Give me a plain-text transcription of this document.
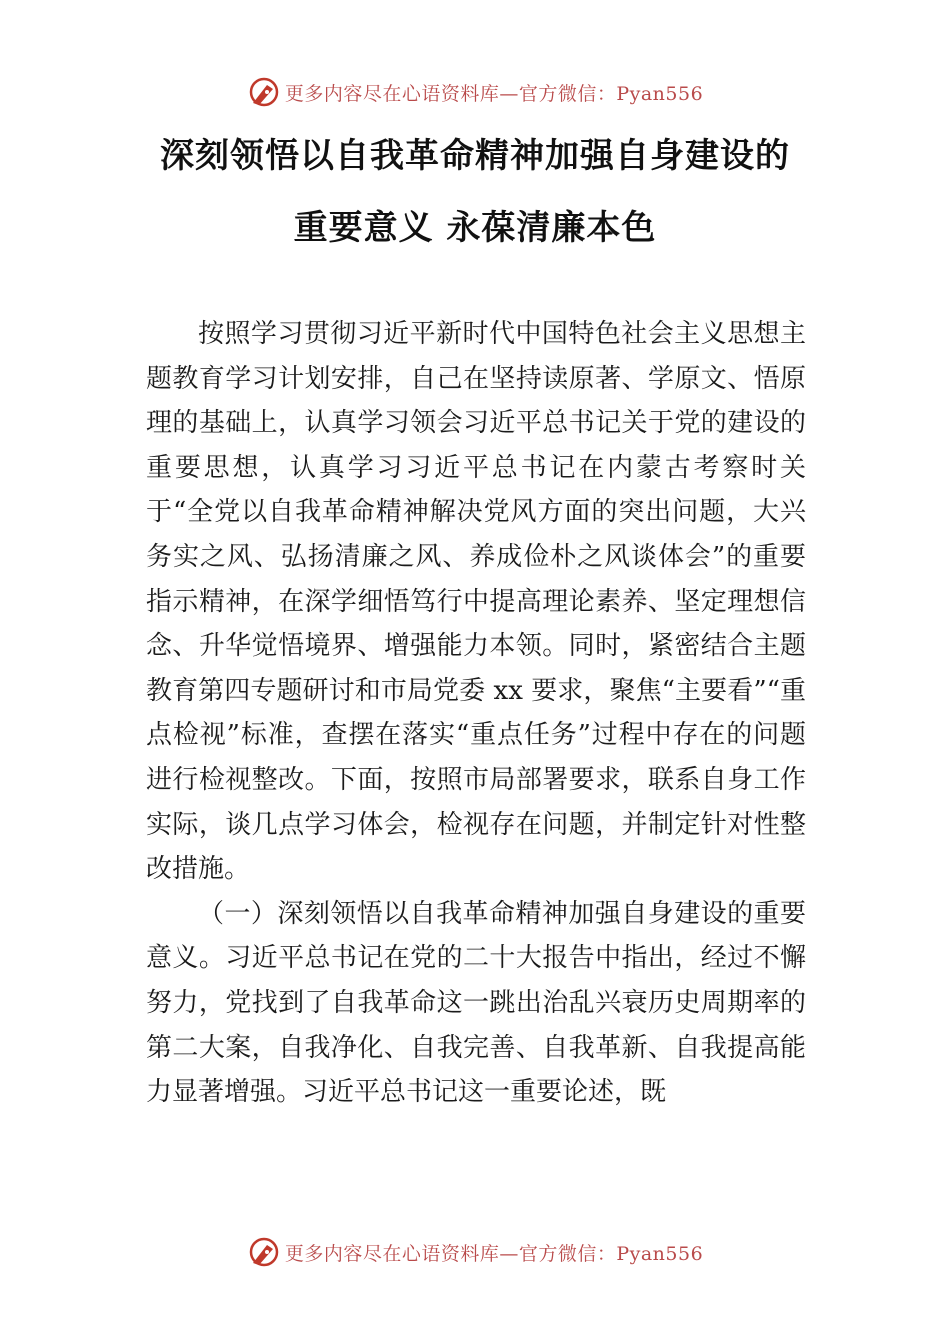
更多内容尽在心语资料库—官方微信：Pyan556
深刻领悟以自我革命精神加强自身建设的
重要意义 永葆清廉本色

按照学习贯彻习近平新时代中国特色社会主义思想主题教育学习计划安排，自己在坚持读原著、学原文、悟原理的基础上，认真学习领会习近平总书记关于党的建设的重要思想，认真学习习近平总书记在内蒙古考察时关于“全党以自我革命精神解决党风方面的突出问题，大兴务实之风、弘扬清廉之风、养成俭朴之风谈体会”的重要指示精神，在深学细悟笃行中提高理论素养、坚定理想信念、升华觉悟境界、增强能力本领。同时，紧密结合主题教育第四专题研讨和市局党委 xx 要求，聚焦“主要看”“重点检视”标准，查摆在落实“重点任务”过程中存在的问题进行检视整改。下面，按照市局部署要求，联系自身工作实际，谈几点学习体会，检视存在问题，并制定针对性整改措施。

（一）深刻领悟以自我革命精神加强自身建设的重要意义。习近平总书记在党的二十大报告中指出，经过不懈努力，党找到了自我革命这一跳出治乱兴衰历史周期率的第二大案，自我净化、自我完善、自我革新、自我提高能力显著增强。习近平总书记这一重要论述，既

更多内容尽在心语资料库—官方微信：Pyan556
